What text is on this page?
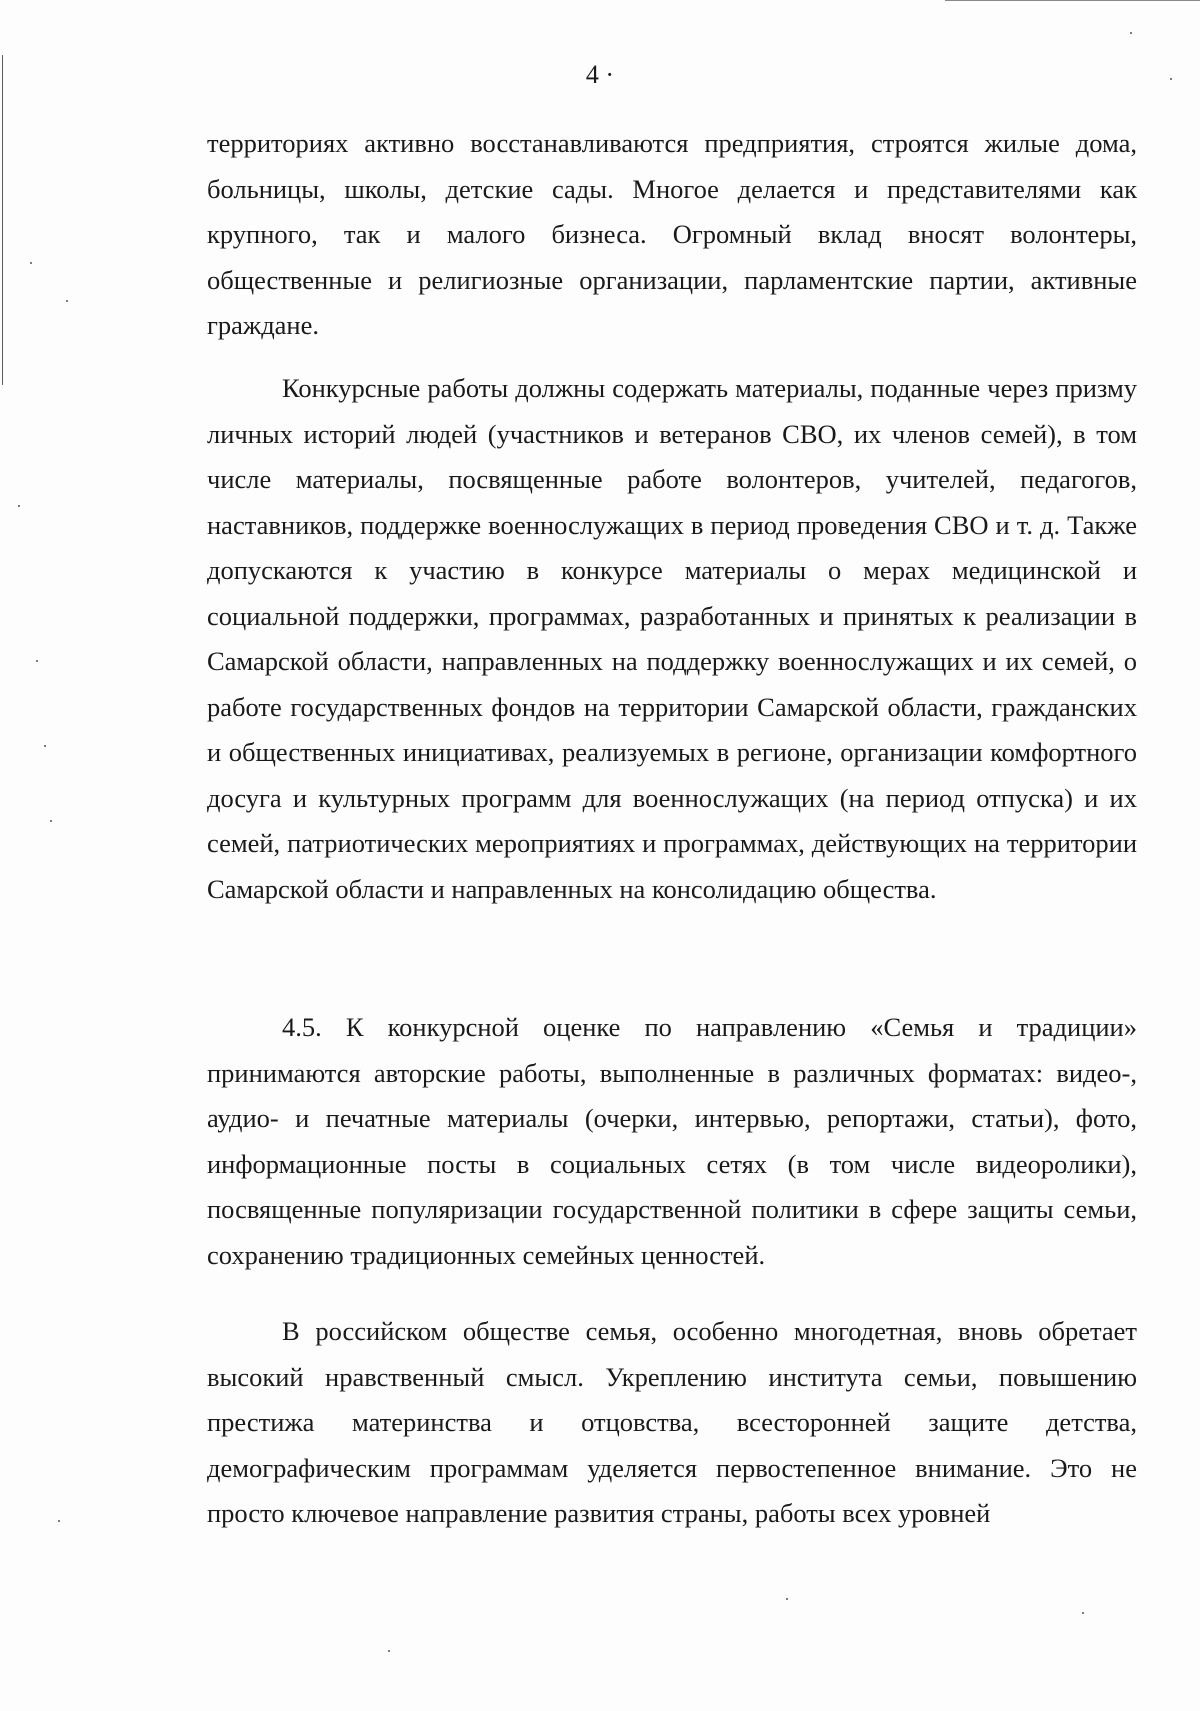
4 ·

территориях активно восстанавливаются предприятия, строятся жилые дома, больницы, школы, детские сады. Многое делается и представителями как крупного, так и малого бизнеса. Огромный вклад вносят волонтеры, общественные и религиозные организации, парламентские партии, активные граждане.

Конкурсные работы должны содержать материалы, поданные через призму личных историй людей (участников и ветеранов СВО, их членов семей), в том числе материалы, посвященные работе волонтеров, учителей, педагогов, наставников, поддержке военнослужащих в период проведения СВО и т. д. Также допускаются к участию в конкурсе материалы о мерах медицинской и социальной поддержки, программах, разработанных и принятых к реализации в Самарской области, направленных на поддержку военнослужащих и их семей, о работе государственных фондов на территории Самарской области, гражданских и общественных инициативах, реализуемых в регионе, организации комфортного досуга и культурных программ для военнослужащих (на период отпуска) и их семей, патриотических мероприятиях и программах, действующих на территории Самарской области и направленных на консолидацию общества.

4.5. К конкурсной оценке по направлению «Семья и традиции» принимаются авторские работы, выполненные в различных форматах: видео-, аудио- и печатные материалы (очерки, интервью, репортажи, статьи), фото, информационные посты в социальных сетях (в том числе видеоролики), посвященные популяризации государственной политики в сфере защиты семьи, сохранению традиционных семейных ценностей.

В российском обществе семья, особенно многодетная, вновь обретает высокий нравственный смысл. Укреплению института семьи, повышению престижа материнства и отцовства, всесторонней защите детства, демографическим программам уделяется первостепенное внимание. Это не просто ключевое направление развития страны, работы всех уровней
